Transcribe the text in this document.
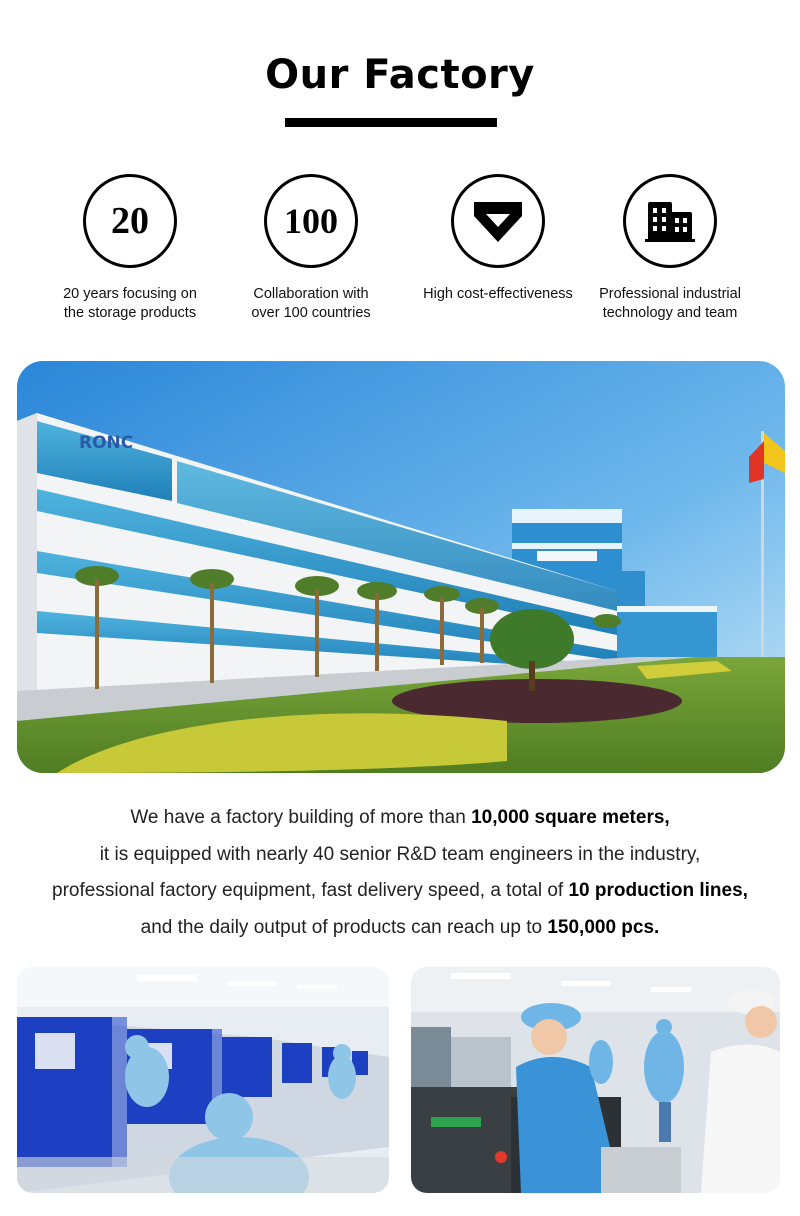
Our Factory
20
20 years focusing on
the storage products
100
Collaboration with
over 100 countries
High cost-effectiveness	Professional industrial
technology and team
RONC
We have a factory building of more than 10,000 square meters,
it is equipped with nearly 40 senior R&D team engineers in the industry,
professional factory equipment, fast delivery speed, a total of 10 production lines,
and the daily output of products can reach up to 150,000 pcs.
